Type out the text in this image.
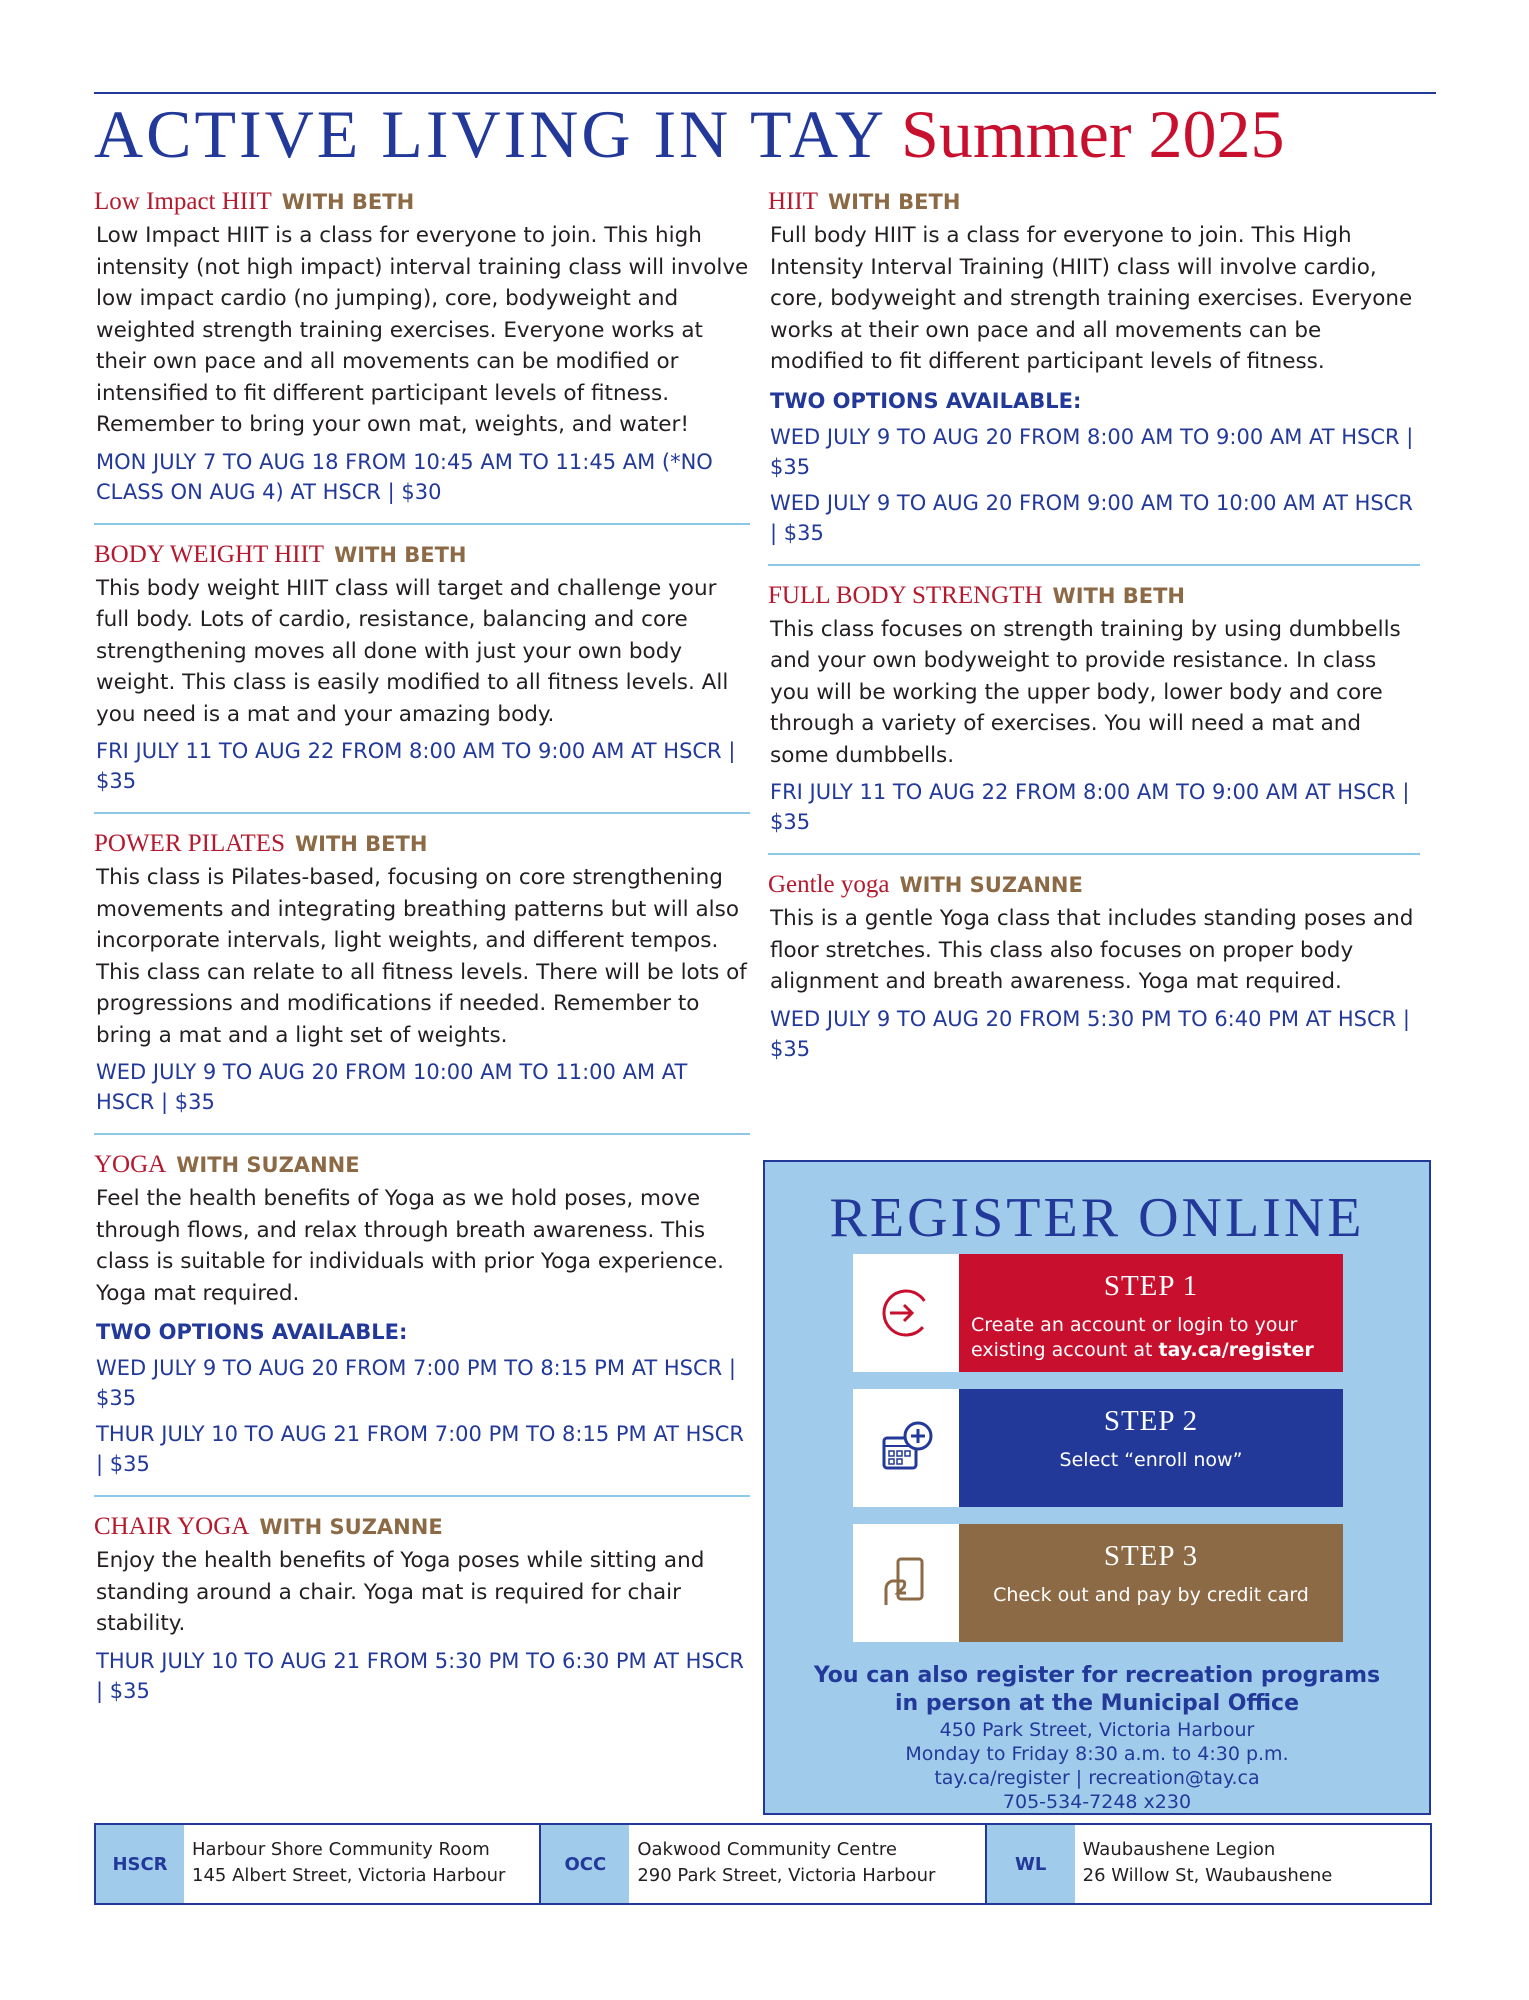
ACTIVE LIVING IN TAY Summer 2025
Low Impact HIIT WITH BETH
Low Impact HIIT is a class for everyone to join. This high intensity (not high impact) interval training class will involve low impact cardio (no jumping), core, bodyweight and weighted strength training exercises. Everyone works at their own pace and all movements can be modified or intensified to fit different participant levels of fitness. Remember to bring your own mat, weights, and water!
MON JULY 7 TO AUG 18 FROM 10:45 AM TO 11:45 AM (*NO CLASS ON AUG 4) AT HSCR | $30
BODY WEIGHT HIIT WITH BETH
This body weight HIIT class will target and challenge your full body. Lots of cardio, resistance, balancing and core strengthening moves all done with just your own body weight. This class is easily modified to all fitness levels. All you need is a mat and your amazing body.
FRI JULY 11 TO AUG 22 FROM 8:00 AM TO 9:00 AM AT HSCR | $35
POWER PILATES WITH BETH
This class is Pilates-based, focusing on core strengthening movements and integrating breathing patterns but will also incorporate intervals, light weights, and different tempos. This class can relate to all fitness levels. There will be lots of progressions and modifications if needed. Remember to bring a mat and a light set of weights.
WED JULY 9 TO AUG 20 FROM 10:00 AM TO 11:00 AM AT HSCR | $35
YOGA WITH SUZANNE
Feel the health benefits of Yoga as we hold poses, move through flows, and relax through breath awareness. This class is suitable for individuals with prior Yoga experience. Yoga mat required.
TWO OPTIONS AVAILABLE:
WED JULY 9 TO AUG 20 FROM 7:00 PM TO 8:15 PM AT HSCR | $35
THUR JULY 10 TO AUG 21 FROM 7:00 PM TO 8:15 PM AT HSCR | $35
CHAIR YOGA WITH SUZANNE
Enjoy the health benefits of Yoga poses while sitting and standing around a chair. Yoga mat is required for chair stability.
THUR JULY 10 TO AUG 21 FROM 5:30 PM TO 6:30 PM AT HSCR | $35
HIIT WITH BETH
Full body HIIT is a class for everyone to join. This High Intensity Interval Training (HIIT) class will involve cardio, core, bodyweight and strength training exercises. Everyone works at their own pace and all movements can be modified to fit different participant levels of fitness.
TWO OPTIONS AVAILABLE:
WED JULY 9 TO AUG 20 FROM 8:00 AM TO 9:00 AM AT HSCR | $35
WED JULY 9 TO AUG 20 FROM 9:00 AM TO 10:00 AM AT HSCR | $35
FULL BODY STRENGTH WITH BETH
This class focuses on strength training by using dumbbells and your own bodyweight to provide resistance. In class you will be working the upper body, lower body and core through a variety of exercises. You will need a mat and some dumbbells.
FRI JULY 11 TO AUG 22 FROM 8:00 AM TO 9:00 AM AT HSCR | $35
Gentle yoga WITH SUZANNE
This is a gentle Yoga class that includes standing poses and floor stretches. This class also focuses on proper body alignment and breath awareness. Yoga mat required.
WED JULY 9 TO AUG 20 FROM 5:30 PM TO 6:40 PM AT HSCR | $35
REGISTER ONLINE
STEP 1
Create an account or login to your existing account at tay.ca/register
STEP 2
Select “enroll now”
STEP 3
Check out and pay by credit card
You can also register for recreation programs
in person at the Municipal Office
450 Park Street, Victoria Harbour
Monday to Friday 8:30 a.m. to 4:30 p.m.
tay.ca/register | recreation@tay.ca
705-534-7248 x230
HSCR
Harbour Shore Community Room
145 Albert Street, Victoria Harbour
OCC
Oakwood Community Centre
290 Park Street, Victoria Harbour
WL
Waubaushene Legion
26 Willow St, Waubaushene
